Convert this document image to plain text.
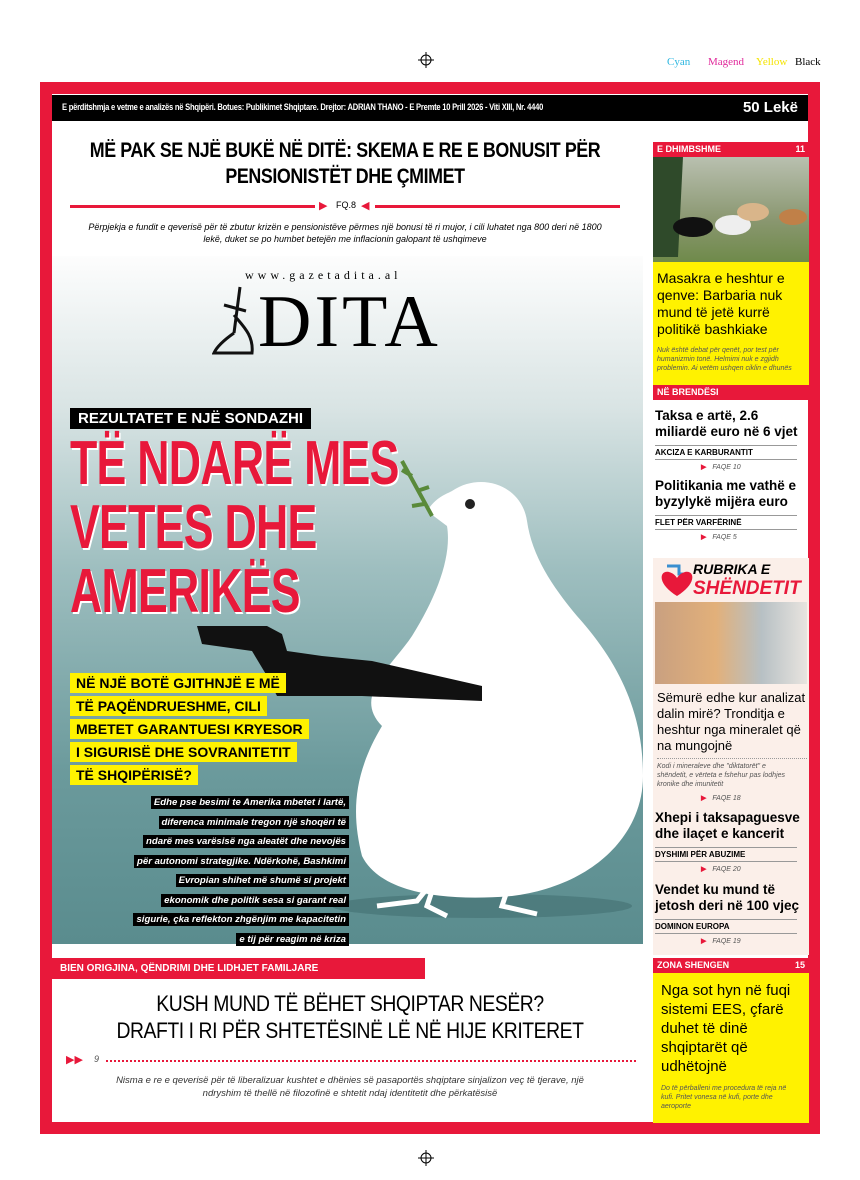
Cyan Magend Yellow Black
E përditshmja e vetme e analizës në Shqipëri. Botues: Publikimet Shqiptare. Drejtor: ADRIAN THANO - E Premte 10 Prill 2026 - Viti XIII, Nr. 4440	50 Lekë
MË PAK SE NJË BUKË NË DITË: SKEMA E RE E BONUSIT PËR PENSIONISTËT DHE ÇMIMET
▶	◀
FQ.8
Përpjekja e fundit e qeverisë për të zbutur krizën e pensionistëve përmes një bonusi të ri mujor, i cili luhatet nga 800 deri në 1800 lekë, duket se po humbet betejën me inflacionin galopant të ushqimeve
www.gazetadita.al
DITA
REZULTATET E NJË SONDAZHI
TË NDARË MES
VETES DHE
AMERIKËS
NË NJË BOTË GJITHNJË E MË
TË PAQËNDRUESHME, CILI
MBETET GARANTUESI KRYESOR
I SIGURISË DHE SOVRANITETIT
TË SHQIPËRISË?
Edhe pse besimi te Amerika mbetet i lartë, diferenca minimale tregon një shoqëri të ndarë mes varësisë nga aleatët dhe nevojës për autonomi strategjike. Ndërkohë, Bashkimi Evropian shihet më shumë si projekt ekonomik dhe politik sesa si garant real sigurie, çka reflekton zhgënjim me kapacitetin e tij për reagim në kriza
BIEN ORIGJINA, QËNDRIMI DHE LIDHJET FAMILJARE
KUSH MUND TË BËHET SHQIPTAR NESËR?
DRAFTI I RI PËR SHTETËSINË LË NË HIJE KRITERET
▶▶ 9
Nisma e re e qeverisë për të liberalizuar kushtet e dhënies së pasaportës shqiptare sinjalizon veç të tjerave, një ndryshim të thellë në filozofinë e shtetit ndaj identitetit dhe përkatësisë
E DHIMBSHME	11
Masakra e heshtur e qenve: Barbaria nuk mund të jetë kurrë politikë bashkiake
Nuk është debat për qenët, por test për humanizmin tonë. Helmimi nuk e zgjidh problemin. Ai vetëm ushqen ciklin e dhunës
NË BRENDËSI
Taksa e artë, 2.6 miliardë euro në 6 vjet
AKCIZA E KARBURANTIT
▶ FAQE 10
Politikania me vathë e byzylykë mijëra euro
FLET PËR VARFËRINË
▶ FAQE 5
RUBRIKA E
SHËNDETIT
Sëmurë edhe kur analizat dalin mirë? Tronditja e heshtur nga mineralet që na mungojnë
Kodi i mineraleve dhe "diktatorët" e shëndetit, e vërteta e fshehur pas lodhjes kronike dhe imunitetit
▶ FAQE 18
Xhepi i taksapaguesve dhe ilaçet e kancerit
DYSHIMI PËR ABUZIME
▶ FAQE 20
Vendet ku mund të jetosh deri në 100 vjeç
DOMINON EUROPA
▶ FAQE 19
ZONA SHENGEN	15
Nga sot hyn në fuqi sistemi EES, çfarë duhet të dinë shqiptarët që udhëtojnë
Do të përballeni me procedura të reja në kufi. Pritet vonesa në kufi, porte dhe aeroporte
